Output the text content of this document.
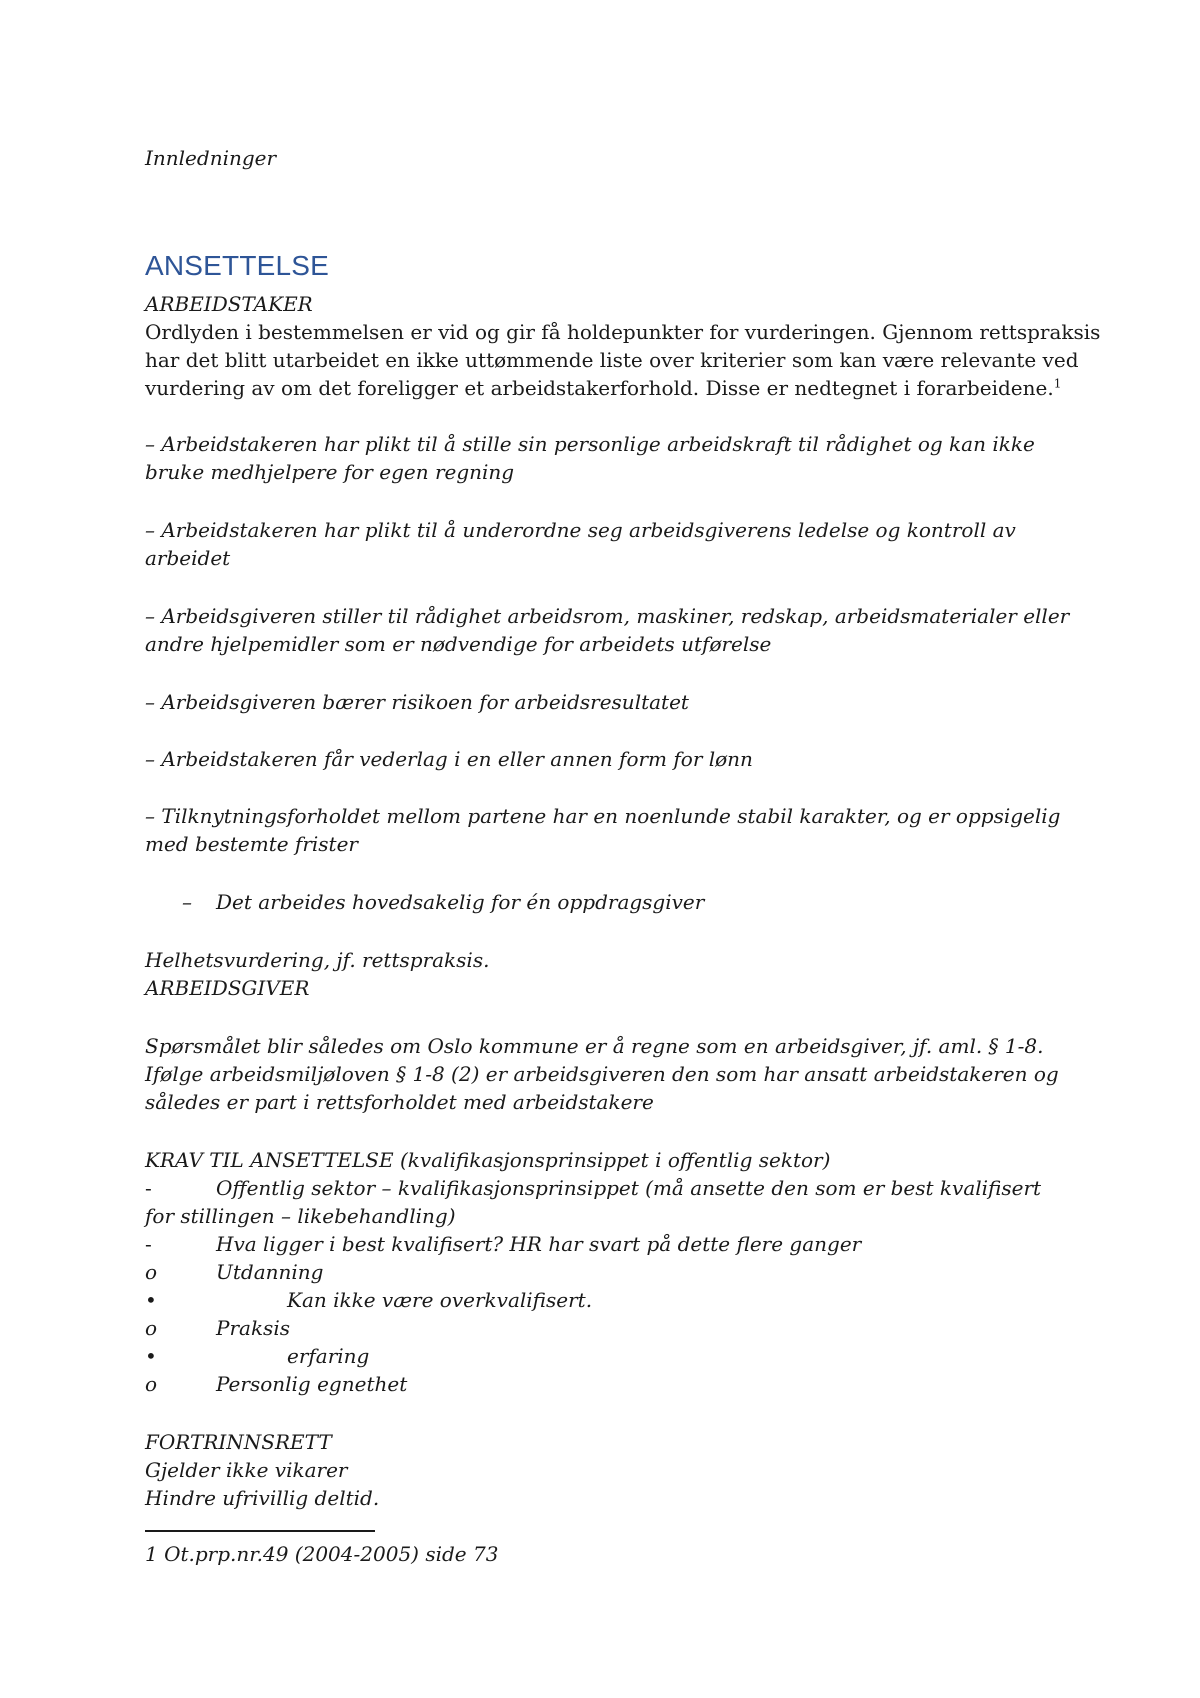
Innledninger
ANSETTELSE
ARBEIDSTAKER
Ordlyden i bestemmelsen er vid og gir få holdepunkter for vurderingen. Gjennom rettspraksis
har det blitt utarbeidet en ikke uttømmende liste over kriterier som kan være relevante ved
vurdering av om det foreligger et arbeidstakerforhold. Disse er nedtegnet i forarbeidene.$^1$
– Arbeidstakeren har plikt til å stille sin personlige arbeidskraft til rådighet og kan ikke
bruke medhjelpere for egen regning
– Arbeidstakeren har plikt til å underordne seg arbeidsgiverens ledelse og kontroll av
arbeidet
– Arbeidsgiveren stiller til rådighet arbeidsrom, maskiner, redskap, arbeidsmaterialer eller
andre hjelpemidler som er nødvendige for arbeidets utførelse
– Arbeidsgiveren bærer risikoen for arbeidsresultatet
– Arbeidstakeren får vederlag i en eller annen form for lønn
– Tilknytningsforholdet mellom partene har en noenlunde stabil karakter, og er oppsigelig
med bestemte frister
– Det arbeides hovedsakelig for én oppdragsgiver
Helhetsvurdering, jf. rettspraksis.
ARBEIDSGIVER
Spørsmålet blir således om Oslo kommune er å regne som en arbeidsgiver, jf. aml. § 1-8.
Ifølge arbeidsmiljøloven § 1-8 (2) er arbeidsgiveren den som har ansatt arbeidstakeren og
således er part i rettsforholdet med arbeidstakere
KRAV TIL ANSETTELSE (kvalifikasjonsprinsippet i offentlig sektor)
-	Offentlig sektor – kvalifikasjonsprinsippet (må ansette den som er best kvalifisert
for stillingen – likebehandling)
-	Hva ligger i best kvalifisert? HR har svart på dette flere ganger
o	Utdanning
•	Kan ikke være overkvalifisert.
o	Praksis
•	erfaring
o	Personlig egnethet
FORTRINNSRETT
Gjelder ikke vikarer
Hindre ufrivillig deltid.
1 Ot.prp.nr.49 (2004-2005) side 73
